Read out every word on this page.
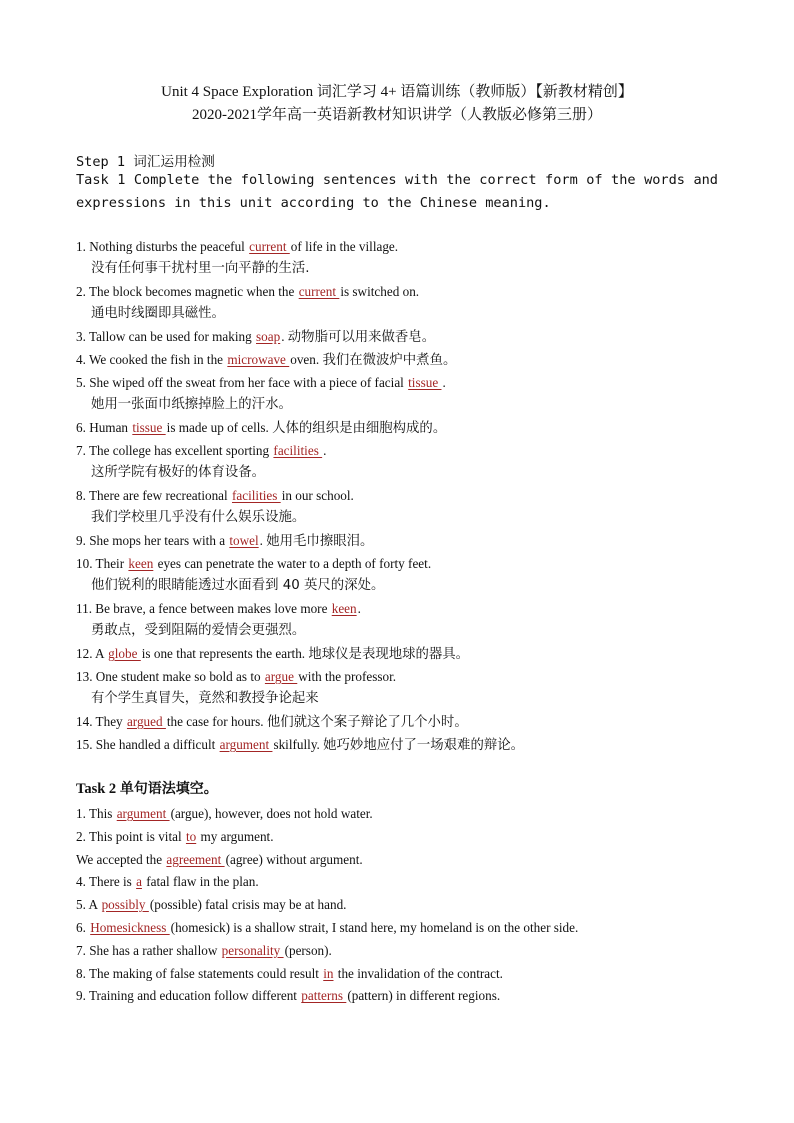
Unit 4 Space Exploration 词汇学习 4+ 语篇训练（教师版）【新教材精创】
2020-2021学年高一英语新教材知识讲学（人教版必修第三册）
Step 1 词汇运用检测
Task 1 Complete the following sentences with the correct form of the words and
expressions in this unit according to the Chinese meaning.
1. Nothing disturbs the peaceful current of life in the village.
没有任何事干扰村里一向平静的生活.
2. The block becomes magnetic when the current is switched on.
通电时线圈即具磁性。
3. Tallow can be used for making soap. 动物脂可以用来做香皂。
4. We cooked the fish in the microwave oven. 我们在微波炉中煮鱼。
5. She wiped off the sweat from her face with a piece of facial tissue .
她用一张面巾纸擦掉脸上的汗水。
6. Human tissue is made up of cells. 人体的组织是由细胞构成的。
7. The college has excellent sporting facilities .
这所学院有极好的体育设备。
8. There are few recreational facilities in our school.
我们学校里几乎没有什么娱乐设施。
9. She mops her tears with a towel. 她用毛巾擦眼泪。
10. Their keen eyes can penetrate the water to a depth of forty feet.
他们锐利的眼睛能透过水面看到 40 英尺的深处。
11. Be brave, a fence between makes love more keen.
勇敢点，受到阻隔的爱情会更强烈。
12. A globe is one that represents the earth. 地球仪是表现地球的器具。
13. One student make so bold as to argue with the professor.
有个学生真冒失，竟然和教授争论起来
14. They argued the case for hours. 他们就这个案子辩论了几个小时。
15. She handled a difficult argument skilfully. 她巧妙地应付了一场艰难的辩论。
Task 2 单句语法填空。
1. This argument (argue), however, does not hold water.
2. This point is vital to my argument.
We accepted the agreement (agree) without argument.
4. There is a fatal flaw in the plan.
5. A possibly (possible) fatal crisis may be at hand.
6. Homesickness (homesick) is a shallow strait, I stand here, my homeland is on the other side.
7. She has a rather shallow personality (person).
8. The making of false statements could result in the invalidation of the contract.
9. Training and education follow different patterns (pattern) in different regions.
